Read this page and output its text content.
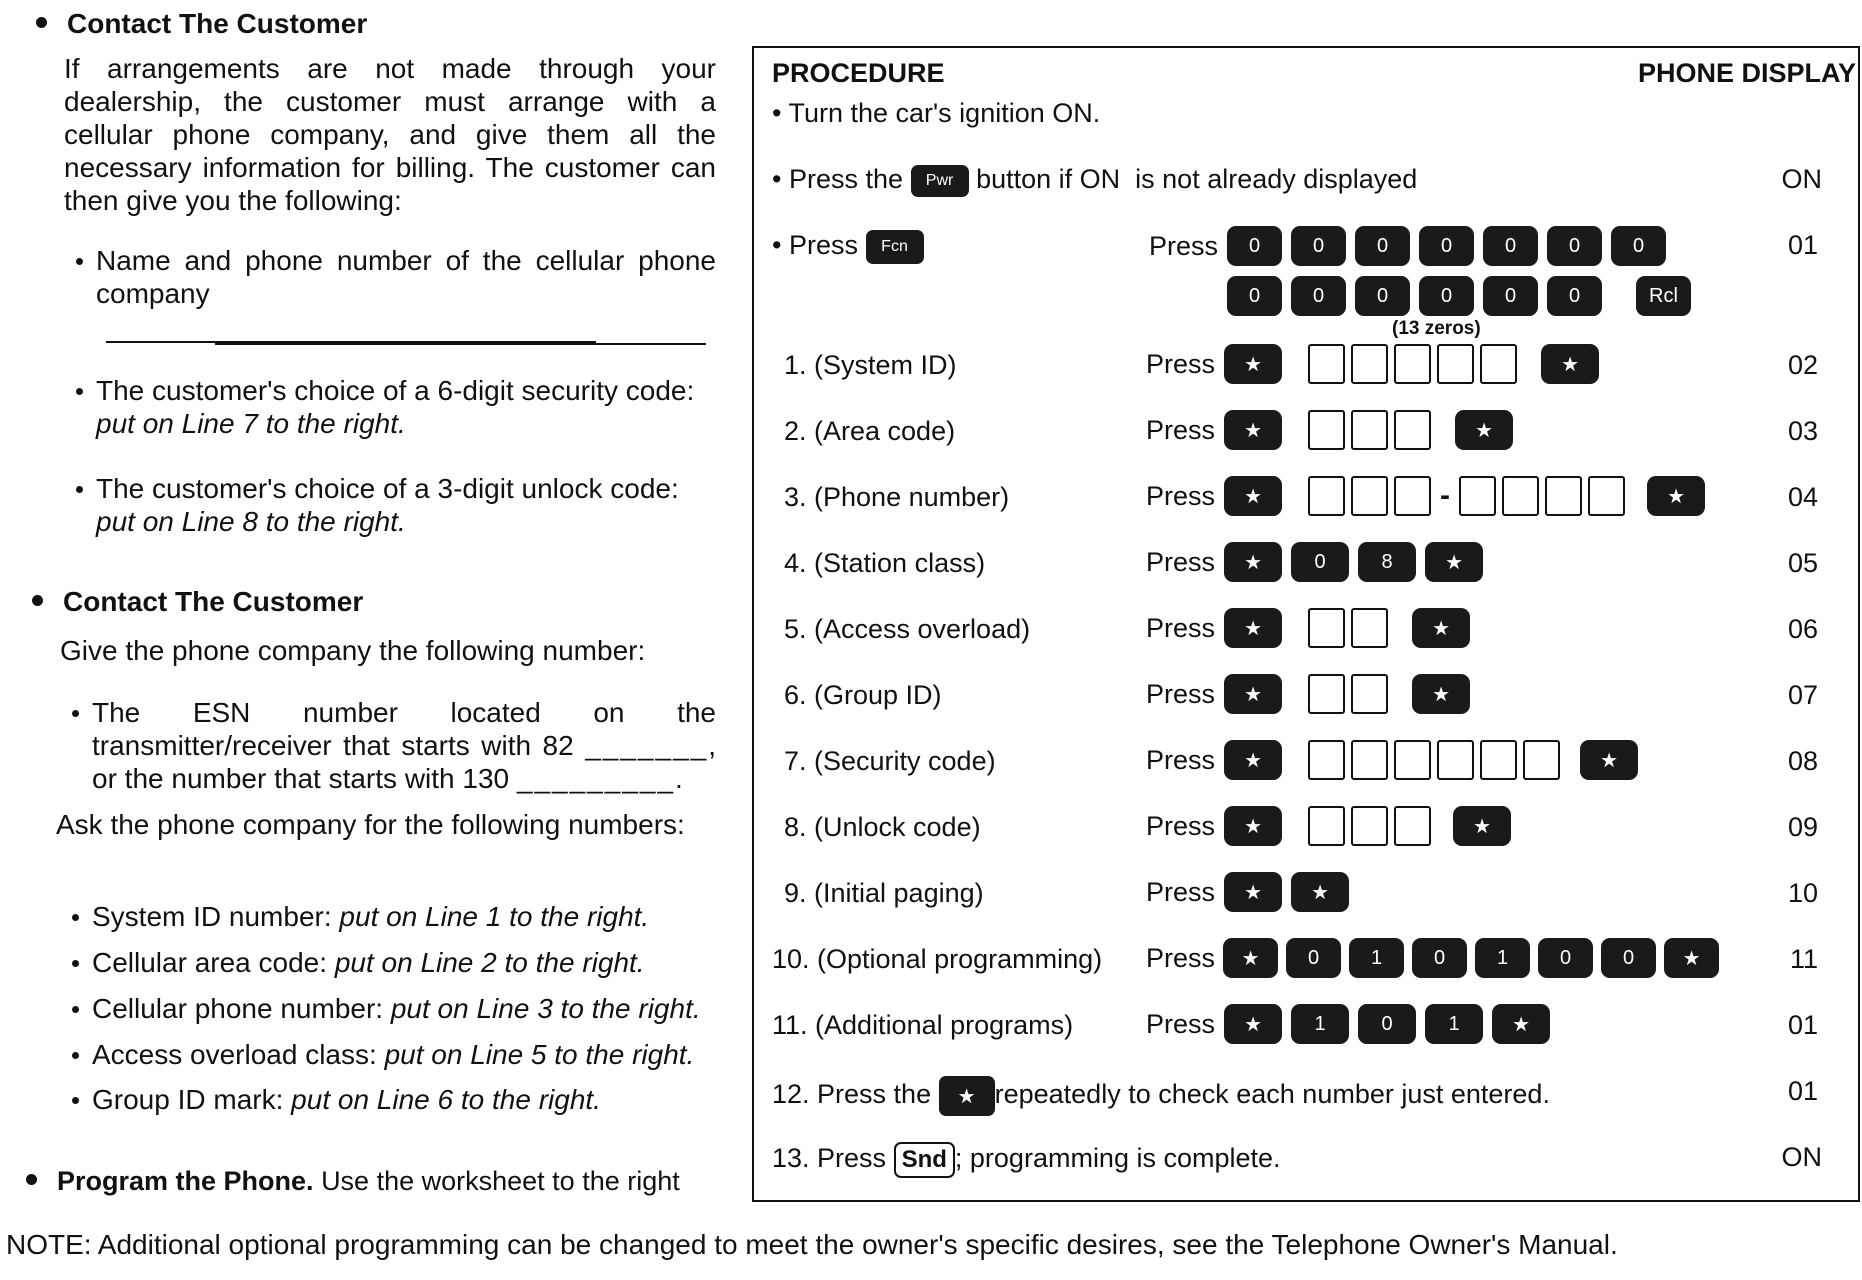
Contact The Customer
If arrangements are not made through your dealership, the customer must arrange with a cellular phone company, and give them all the necessary information for billing. The customer can then give you the following:
Name and phone number of the cellular phone company
The customer's choice of a 6-digit security code:
put on Line 7 to the right.
The customer's choice of a 3-digit unlock code:
put on Line 8 to the right.
Contact The Customer
Give the phone company the following number:
The ESN number located on the transmitter/receiver that starts with 82 _______, or the number that starts with 130 _________.
Ask the phone company for the following numbers:
System ID number: put on Line 1 to the right.
Cellular area code: put on Line 2 to the right.
Cellular phone number: put on Line 3 to the right.
Access overload class: put on Line 5 to the right.
Group ID mark: put on Line 6 to the right.
Program the Phone. Use the worksheet to the right
PROCEDURE	PHONE DISPLAY
• Turn the car's ignition ON.
• Press the Pwr button if ON is not already displayed	ON
• Press Fcn	Press	0	0	0	0	0	0	0	01
0	0	0	0	0	0	Rcl
(13 zeros)
1. (System ID)	Press	★	★	02
2. (Area code)	Press	★	★	03
3. (Phone number)	Press	★	-	★	04
4. (Station class)	Press	★	0	8	★	05
5. (Access overload)	Press	★	★	06
6. (Group ID)	Press	★	★	07
7. (Security code)	Press	★	★	08
8. (Unlock code)	Press	★	★	09
9. (Initial paging)	Press	★	★	10
10. (Optional programming) Press	★	0	1	0	1	0	0	★	11
11. (Additional programs)	Press	★	1	0	1	★	01
12. Press the ★ repeatedly to check each number just entered.	01
13. Press Snd ; programming is complete.	ON
NOTE: Additional optional programming can be changed to meet the owner's specific desires, see the Telephone Owner's Manual.
